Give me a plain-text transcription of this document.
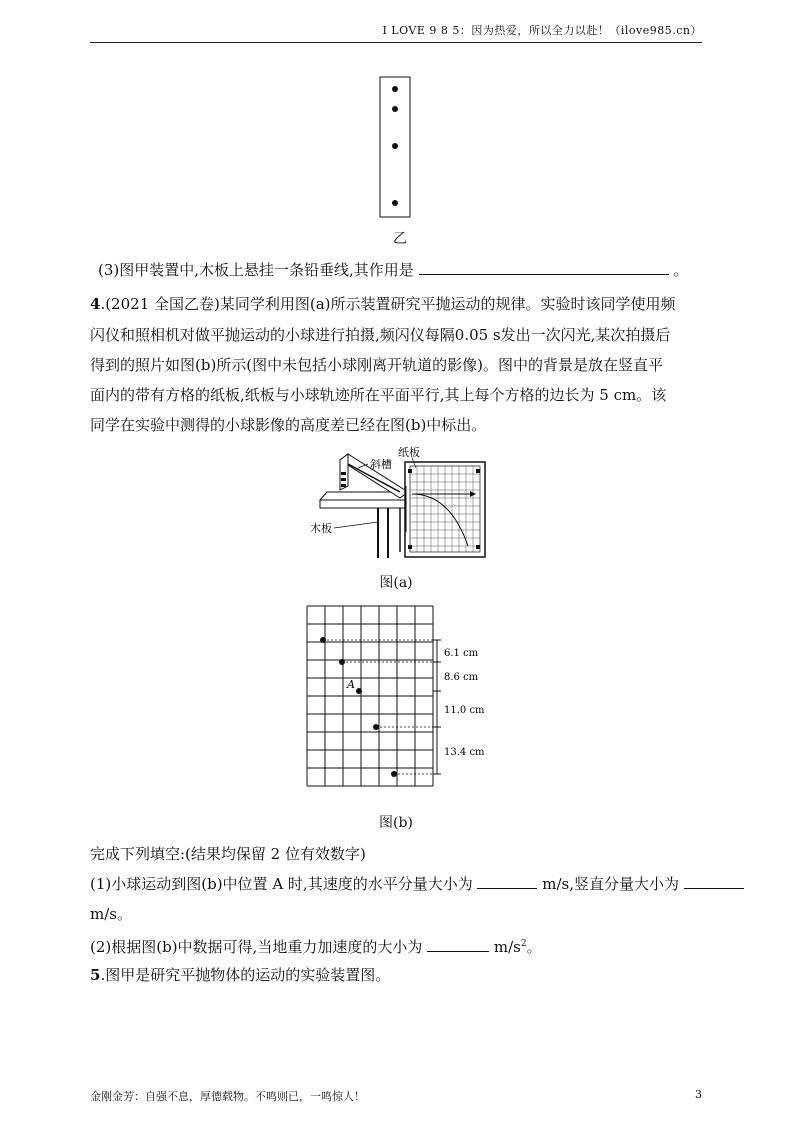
I LOVE 9 8 5：因为热爱，所以全力以赴！（ilove985.cn）
乙
(3)图甲装置中,木板上悬挂一条铅垂线,其作用是	。
4.(2021 全国乙卷)某同学利用图(a)所示装置研究平抛运动的规律。实验时该同学使用频
闪仪和照相机对做平抛运动的小球进行拍摄,频闪仪每隔0.05 s发出一次闪光,某次拍摄后
得到的照片如图(b)所示(图中未包括小球刚离开轨道的影像)。图中的背景是放在竖直平
面内的带有方格的纸板,纸板与小球轨迹所在平面平行,其上每个方格的边长为 5 cm。该
同学在实验中测得的小球影像的高度差已经在图(b)中标出。
纸板
斜槽
木板
图(a)
6.1 cm
8.6 cm
11.0 cm
13.4 cm
A
图(b)
完成下列填空:(结果均保留 2 位有效数字)
(1)小球运动到图(b)中位置 A 时,其速度的水平分量大小为	m/s,竖直分量大小为
m/s。
(2)根据图(b)中数据可得,当地重力加速度的大小为	$m/s^2$。
5.图甲是研究平抛物体的运动的实验装置图。
金刚金芳：自强不息，厚德载物。不鸣则已，一鸣惊人！	3
